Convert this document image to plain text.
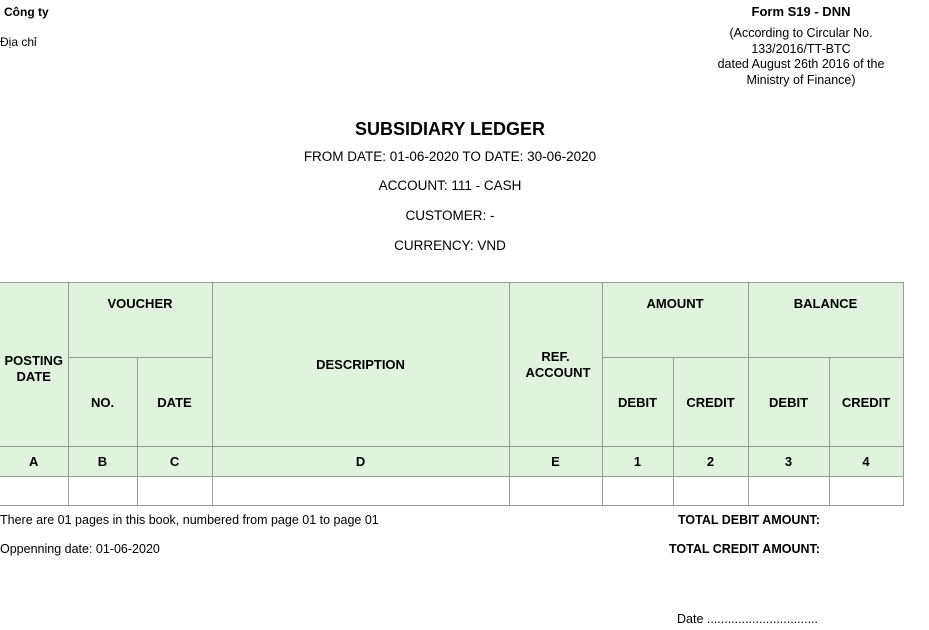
Công ty
Địa chỉ
Form S19 - DNN
(According to Circular No.
133/2016/TT-BTC
dated August 26th 2016 of the
Ministry of Finance)
SUBSIDIARY LEDGER
FROM DATE: 01-06-2020 TO DATE: 30-06-2020
ACCOUNT: 111 - CASH
CUSTOMER: -
CURRENCY: VND
POSTING DATE	VOUCHER		DESCRIPTION	REF. ACCOUNT	AMOUNT		BALANCE	
	NO.	DATE			DEBIT	CREDIT	DEBIT	CREDIT
A	B	C	D	E	1	2	3	4

There are 01 pages in this book, numbered from page 01 to page 01
Oppenning date: 01-06-2020
TOTAL DEBIT AMOUNT:
TOTAL CREDIT AMOUNT:
Date ................................
